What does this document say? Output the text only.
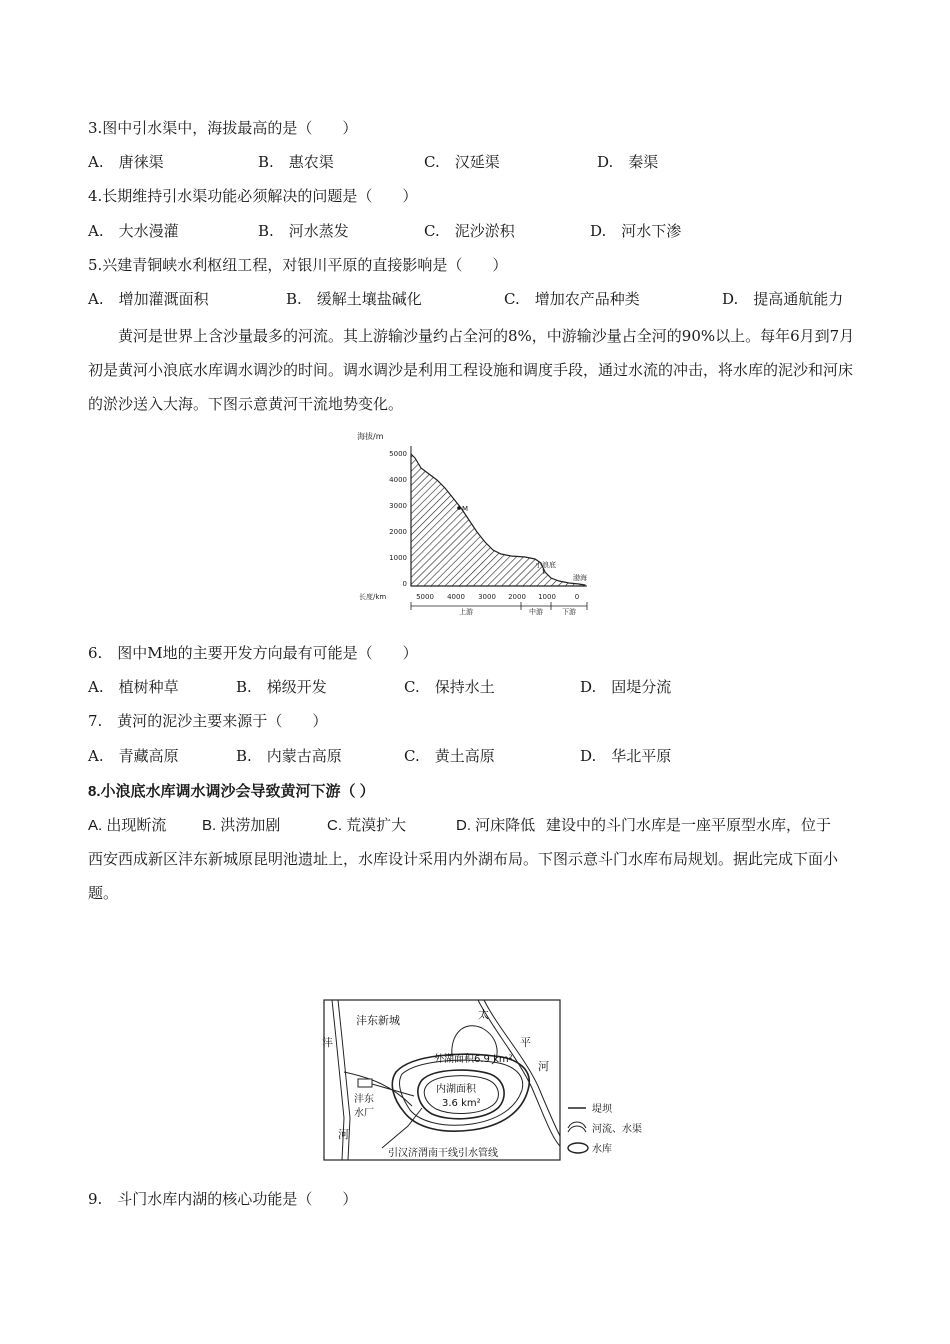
3.图中引水渠中，海拔最高的是（　　）
A.　唐徕渠	B.　惠农渠	C.　汉延渠	D.　秦渠
4.长期维持引水渠功能必须解决的问题是（　　）
A.　大水漫灌	B.　河水蒸发	C.　泥沙淤积	D.　河水下渗
5.兴建青铜峡水利枢纽工程，对银川平原的直接影响是（　　）
A.　增加灌溉面积	B.　缓解土壤盐碱化	C.　增加农产品种类	D.　提高通航能力
黄河是世界上含沙量最多的河流。其上游输沙量约占全河的8%，中游输沙量占全河的90%以上。每年6月到7月初是黄河小浪底水库调水调沙的时间。调水调沙是利用工程设施和调度手段，通过水流的冲击，将水库的泥沙和河床的淤沙送入大海。下图示意黄河干流地势变化。
海拔/m
5000
4000
3000
2000
1000
0
M
小浪底
渤海
长度/km	5000 4000 3000 2000 1000	0
上游	中游	下游
6.　图中M地的主要开发方向最有可能是（　　）
A.　植树种草	B.　梯级开发	C.　保持水土	D.　固堤分流
7.　黄河的泥沙主要来源于（　　）
A.　青藏高原	B.　内蒙古高原	C.　黄土高原	D.　华北平原
8.小浪底水库调水调沙会导致黄河下游（ ）
A. 出现断流 B. 洪涝加剧	C. 荒漠扩大	D. 河床降低 建设中的斗门水库是一座平原型水库，位于
西安西成新区沣东新城原昆明池遗址上，水库设计采用内外湖布局。下图示意斗门水库布局规划。据此完成下面小题。
沣东新城
沣
河
太
平
河
外湖面积6.9 km²
内湖面积
3.6 km²
沣东
水厂
引汉济渭南干线引水管线
堤坝
河流、水渠
水库
9.　斗门水库内湖的核心功能是（　　）
